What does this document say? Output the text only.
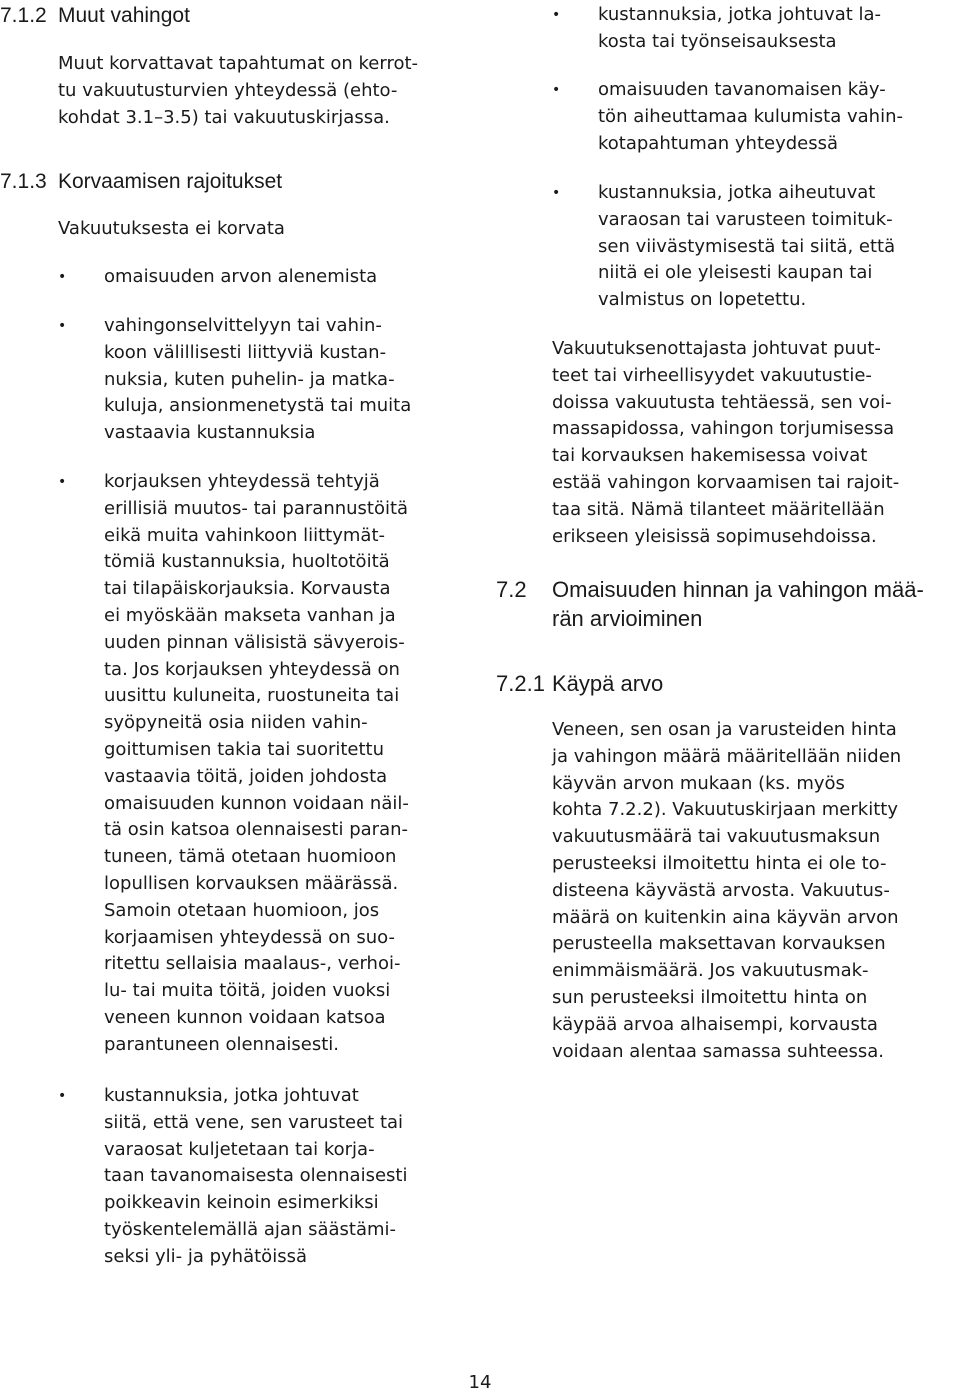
7.1.2 Muut vahingot

Muut korvattavat tapahtumat on kerrot-
tu vakuutusturvien yhteydessä (ehto-
kohdat 3.1–3.5) tai vakuutuskirjassa.

7.1.3 Korvaamisen rajoitukset

Vakuutuksesta ei korvata

• omaisuuden arvon alenemista

• vahingonselvittelyyn tai vahin-
koon välillisesti liittyviä kustan-
nuksia, kuten puhelin- ja matka-
kuluja, ansionmenetystä tai muita
vastaavia kustannuksia

• korjauksen yhteydessä tehtyjä
erillisiä muutos- tai parannustöitä
eikä muita vahinkoon liittymät-
tömiä kustannuksia, huoltotöitä
tai tilapäiskorjauksia. Korvausta
ei myöskään makseta vanhan ja
uuden pinnan välisistä sävyerois-
ta. Jos korjauksen yhteydessä on
uusittu kuluneita, ruostuneita tai
syöpyneitä osia niiden vahin-
goittumisen takia tai suoritettu
vastaavia töitä, joiden johdosta
omaisuuden kunnon voidaan näil-
tä osin katsoa olennaisesti paran-
tuneen, tämä otetaan huomioon
lopullisen korvauksen määrässä.
Samoin otetaan huomioon, jos
korjaamisen yhteydessä on suo-
ritettu sellaisia maalaus-, verhoi-
lu- tai muita töitä, joiden vuoksi
veneen kunnon voidaan katsoa
parantuneen olennaisesti.

• kustannuksia, jotka johtuvat
siitä, että vene, sen varusteet tai
varaosat kuljetetaan tai korja-
taan tavanomaisesta olennaisesti
poikkeavin keinoin esimerkiksi
työskentelemällä ajan säästämi-
seksi yli- ja pyhätöissä

• kustannuksia, jotka johtuvat la-
kosta tai työnseisauksesta

• omaisuuden tavanomaisen käy-
tön aiheuttamaa kulumista vahin-
kotapahtuman yhteydessä

• kustannuksia, jotka aiheutuvat
varaosan tai varusteen toimituk-
sen viivästymisestä tai siitä, että
niitä ei ole yleisesti kaupan tai
valmistus on lopetettu.

Vakuutuksenottajasta johtuvat puut-
teet tai virheellisyydet vakuutustie-
doissa vakuutusta tehtäessä, sen voi-
massapidossa, vahingon torjumisessa
tai korvauksen hakemisessa voivat
estää vahingon korvaamisen tai rajoit-
taa sitä. Nämä tilanteet määritellään
erikseen yleisissä sopimusehdoissa.

7.2 Omaisuuden hinnan ja vahingon mää-
rän arvioiminen

7.2.1 Käypä arvo

Veneen, sen osan ja varusteiden hinta
ja vahingon määrä määritellään niiden
käyvän arvon mukaan (ks. myös
kohta 7.2.2). Vakuutuskirjaan merkitty
vakuutusmäärä tai vakuutusmaksun
perusteeksi ilmoitettu hinta ei ole to-
disteena käyvästä arvosta. Vakuutus-
määrä on kuitenkin aina käyvän arvon
perusteella maksettavan korvauksen
enimmäismäärä. Jos vakuutusmak-
sun perusteeksi ilmoitettu hinta on
käypää arvoa alhaisempi, korvausta
voidaan alentaa samassa suhteessa.

14
